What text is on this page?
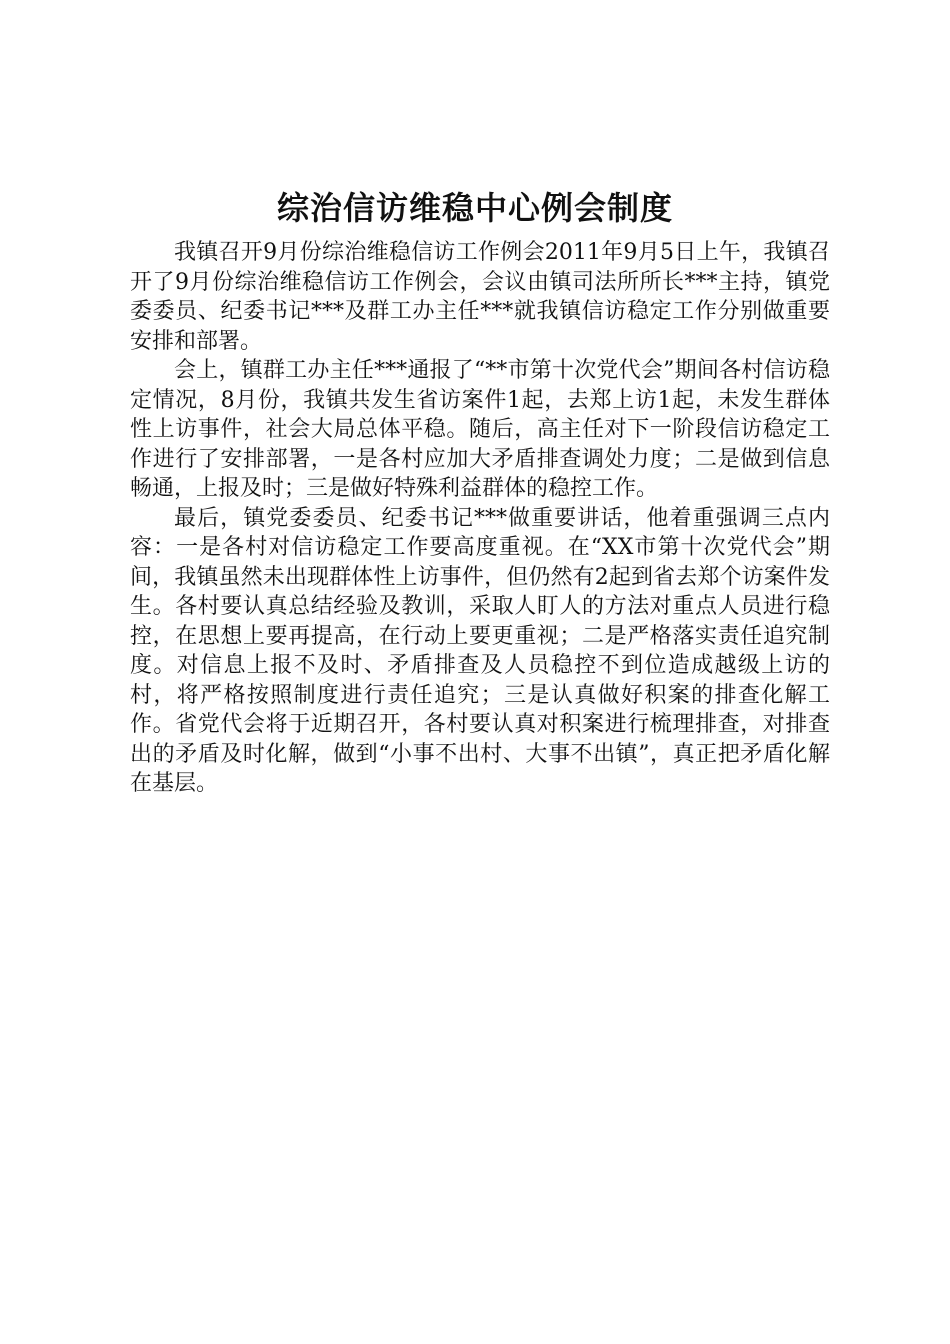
综治信访维稳中心例会制度

我镇召开9月份综治维稳信访工作例会2011年9月5日上午，我镇召开了9月份综治维稳信访工作例会，会议由镇司法所所长***主持，镇党委委员、纪委书记***及群工办主任***就我镇信访稳定工作分别做重要安排和部署。

会上，镇群工办主任***通报了“**市第十次党代会”期间各村信访稳定情况，8月份，我镇共发生省访案件1起，去郑上访1起，未发生群体性上访事件，社会大局总体平稳。随后，高主任对下一阶段信访稳定工作进行了安排部署，一是各村应加大矛盾排查调处力度；二是做到信息畅通，上报及时；三是做好特殊利益群体的稳控工作。

最后，镇党委委员、纪委书记***做重要讲话，他着重强调三点内容：一是各村对信访稳定工作要高度重视。在“XX市第十次党代会”期间，我镇虽然未出现群体性上访事件，但仍然有2起到省去郑个访案件发生。各村要认真总结经验及教训，采取人盯人的方法对重点人员进行稳控，在思想上要再提高，在行动上要更重视；二是严格落实责任追究制度。对信息上报不及时、矛盾排查及人员稳控不到位造成越级上访的村，将严格按照制度进行责任追究；三是认真做好积案的排查化解工作。省党代会将于近期召开，各村要认真对积案进行梳理排查，对排查出的矛盾及时化解，做到“小事不出村、大事不出镇”，真正把矛盾化解在基层。
